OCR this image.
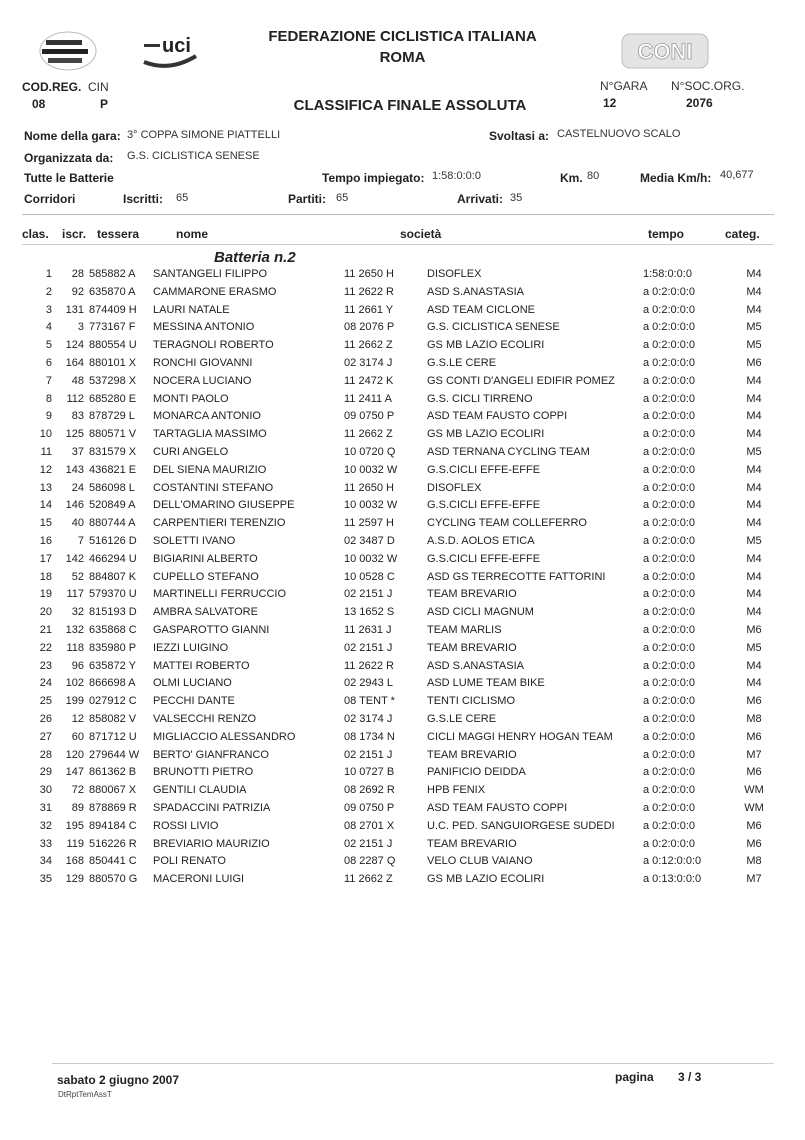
uci	CONI
FEDERAZIONE CICLISTICA ITALIANA
ROMA
COD.REG. CIN
08	P	CLASSIFICA FINALE ASSOLUTA
N°GARA N°SOC.ORG.
12	2076
Nome della gara: 3° COPPA SIMONE PIATTELLI	Svoltasi a: CASTELNUOVO SCALO
Organizzata da: G.S. CICLISTICA SENESE
Tutte le Batterie	Tempo impiegato: 1:58:0:0:0	Km. 80	Media Km/h: 40,677
Corridori	Iscritti: 65	Partiti: 65	Arrivati: 35
clas. iscr. tessera	nome	società	tempo	categ.
Batteria n.2
1	28 585882 A SANTANGELI FILIPPO	11 2650 H	DISOFLEX	1:58:0:0:0	M4
2	92 635870 A CAMMARONE ERASMO	11 2622 R	ASD S.ANASTASIA	a 0:2:0:0:0	M4
3	131 874409 H LAURI NATALE	11 2661 Y	ASD TEAM CICLONE	a 0:2:0:0:0	M4
4	3 773167 F MESSINA ANTONIO	08 2076 P	G.S. CICLISTICA SENESE	a 0:2:0:0:0	M5
5	124 880554 U TERAGNOLI ROBERTO	11 2662 Z	GS MB LAZIO ECOLIRI	a 0:2:0:0:0	M5
6	164 880101 X RONCHI GIOVANNI	02 3174 J	G.S.LE CERE	a 0:2:0:0:0	M6
7	48 537298 X NOCERA LUCIANO	11 2472 K	GS CONTI D'ANGELI EDIFIR POMEZ	a 0:2:0:0:0	M4
8	112 685280 E MONTI PAOLO	11 2411 A	G.S. CICLI TIRRENO	a 0:2:0:0:0	M4
9	83 878729 L MONARCA ANTONIO	09 0750 P	ASD TEAM FAUSTO COPPI	a 0:2:0:0:0	M4
10	125 880571 V TARTAGLIA MASSIMO	11 2662 Z	GS MB LAZIO ECOLIRI	a 0:2:0:0:0	M4
11	37 831579 X CURI ANGELO	10 0720 Q	ASD TERNANA CYCLING TEAM	a 0:2:0:0:0	M5
12	143 436821 E DEL SIENA MAURIZIO	10 0032 W	G.S.CICLI EFFE-EFFE	a 0:2:0:0:0	M4
13	24 586098 L COSTANTINI STEFANO	11 2650 H	DISOFLEX	a 0:2:0:0:0	M4
14	146 520849 A DELL'OMARINO GIUSEPPE	10 0032 W	G.S.CICLI EFFE-EFFE	a 0:2:0:0:0	M4
15	40 880744 A CARPENTIERI TERENZIO	11 2597 H	CYCLING TEAM COLLEFERRO	a 0:2:0:0:0	M4
16	7 516126 D SOLETTI IVANO	02 3487 D	A.S.D. AOLOS ETICA	a 0:2:0:0:0	M5
17	142 466294 U BIGIARINI ALBERTO	10 0032 W	G.S.CICLI EFFE-EFFE	a 0:2:0:0:0	M4
18	52 884807 K CUPELLO STEFANO	10 0528 C	ASD GS TERRECOTTE FATTORINI	a 0:2:0:0:0	M4
19	117 579370 U MARTINELLI FERRUCCIO	02 2151 J	TEAM BREVARIO	a 0:2:0:0:0	M4
20	32 815193 D AMBRA SALVATORE	13 1652 S	ASD CICLI MAGNUM	a 0:2:0:0:0	M4
21	132 635868 C GASPAROTTO GIANNI	11 2631 J	TEAM MARLIS	a 0:2:0:0:0	M6
22	118 835980 P IEZZI LUIGINO	02 2151 J	TEAM BREVARIO	a 0:2:0:0:0	M5
23	96 635872 Y MATTEI ROBERTO	11 2622 R	ASD S.ANASTASIA	a 0:2:0:0:0	M4
24	102 866698 A OLMI LUCIANO	02 2943 L	ASD LUME TEAM BIKE	a 0:2:0:0:0	M4
25	199 027912 C PECCHI DANTE	08 TENT *	TENTI CICLISMO	a 0:2:0:0:0	M6
26	12 858082 V VALSECCHI RENZO	02 3174 J	G.S.LE CERE	a 0:2:0:0:0	M8
27	60 871712 U MIGLIACCIO ALESSANDRO	08 1734 N	CICLI MAGGI HENRY HOGAN TEAM	a 0:2:0:0:0	M6
28	120 279644 W BERTO' GIANFRANCO	02 2151 J	TEAM BREVARIO	a 0:2:0:0:0	M7
29	147 861362 B BRUNOTTI PIETRO	10 0727 B	PANIFICIO DEIDDA	a 0:2:0:0:0	M6
30	72 880067 X GENTILI CLAUDIA	08 2692 R	HPB FENIX	a 0:2:0:0:0	WM
31	89 878869 R SPADACCINI PATRIZIA	09 0750 P	ASD TEAM FAUSTO COPPI	a 0:2:0:0:0	WM
32	195 894184 C ROSSI LIVIO	08 2701 X	U.C. PED. SANGUIORGESE SUDEDI	a 0:2:0:0:0	M6
33	119 516226 R BREVIARIO MAURIZIO	02 2151 J	TEAM BREVARIO	a 0:2:0:0:0	M6
34	168 850441 C POLI RENATO	08 2287 Q	VELO CLUB VAIANO	a 0:12:0:0:0	M8
35	129 880570 G MACERONI LUIGI	11 2662 Z	GS MB LAZIO ECOLIRI	a 0:13:0:0:0	M7
sabato 2 giugno 2007
DtRptTemAssT
pagina 3 / 3
